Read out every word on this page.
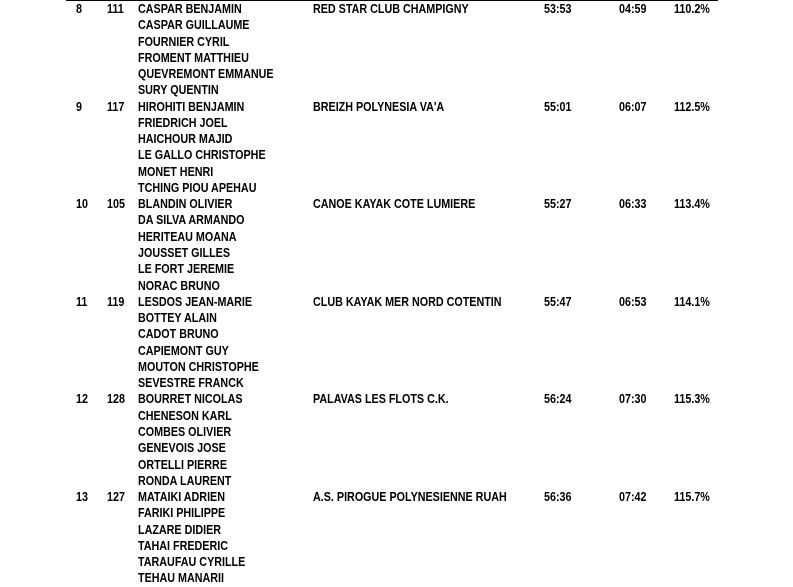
8 111 CASPAR BENJAMIN
CASPAR GUILLAUME
FOURNIER CYRIL
FROMENT MATTHIEU
QUEVREMONT EMMANUE
SURY QUENTIN
RED STAR CLUB CHAMPIGNY	53:53	04:59 110.2%
9 117 HIROHITI BENJAMIN
FRIEDRICH JOEL
HAICHOUR MAJID
LE GALLO CHRISTOPHE
MONET HENRI
TCHING PIOU APEHAU
BREIZH POLYNESIA VA'A	55:01	06:07 112.5%
10 105 BLANDIN OLIVIER
DA SILVA ARMANDO
HERITEAU MOANA
JOUSSET GILLES
LE FORT JEREMIE
NORAC BRUNO
CANOE KAYAK COTE LUMIERE	55:27	06:33 113.4%
11 119 LESDOS JEAN-MARIE
BOTTEY ALAIN
CADOT BRUNO
CAPIEMONT GUY
MOUTON CHRISTOPHE
SEVESTRE FRANCK
CLUB KAYAK MER NORD COTENTIN	55:47	06:53 114.1%
12 128 BOURRET NICOLAS
CHENESON KARL
COMBES OLIVIER
GENEVOIS JOSE
ORTELLI PIERRE
RONDA LAURENT
PALAVAS LES FLOTS C.K.	56:24	07:30 115.3%
13 127 MATAIKI ADRIEN
FARIKI PHILIPPE
LAZARE DIDIER
TAHAI FREDERIC
TARAUFAU CYRILLE
TEHAU MANARII
A.S. PIROGUE POLYNESIENNE RUAH	56:36	07:42 115.7%
